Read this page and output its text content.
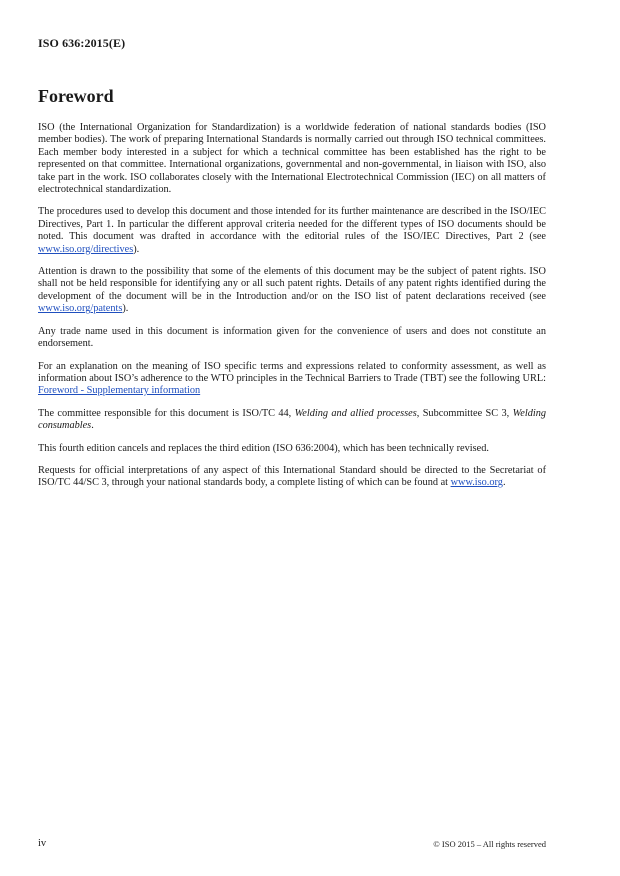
ISO 636:2015(E)
Foreword

ISO (the International Organization for Standardization) is a worldwide federation of national standards bodies (ISO member bodies). The work of preparing International Standards is normally carried out through ISO technical committees. Each member body interested in a subject for which a technical committee has been established has the right to be represented on that committee. International organizations, governmental and non-governmental, in liaison with ISO, also take part in the work. ISO collaborates closely with the International Electrotechnical Commission (IEC) on all matters of electrotechnical standardization.

The procedures used to develop this document and those intended for its further maintenance are described in the ISO/IEC Directives, Part 1. In particular the different approval criteria needed for the different types of ISO documents should be noted. This document was drafted in accordance with the editorial rules of the ISO/IEC Directives, Part 2 (see www.iso.org/directives).

Attention is drawn to the possibility that some of the elements of this document may be the subject of patent rights. ISO shall not be held responsible for identifying any or all such patent rights. Details of any patent rights identified during the development of the document will be in the Introduction and/or on the ISO list of patent declarations received (see www.iso.org/patents).

Any trade name used in this document is information given for the convenience of users and does not constitute an endorsement.

For an explanation on the meaning of ISO specific terms and expressions related to conformity assessment, as well as information about ISO’s adherence to the WTO principles in the Technical Barriers to Trade (TBT) see the following URL: Foreword - Supplementary information

The committee responsible for this document is ISO/TC 44, Welding and allied processes, Subcommittee SC 3, Welding consumables.

This fourth edition cancels and replaces the third edition (ISO 636:2004), which has been technically revised.

Requests for official interpretations of any aspect of this International Standard should be directed to the Secretariat of ISO/TC 44/SC 3, through your national standards body, a complete listing of which can be found at www.iso.org.

iv	© ISO 2015 – All rights reserved
